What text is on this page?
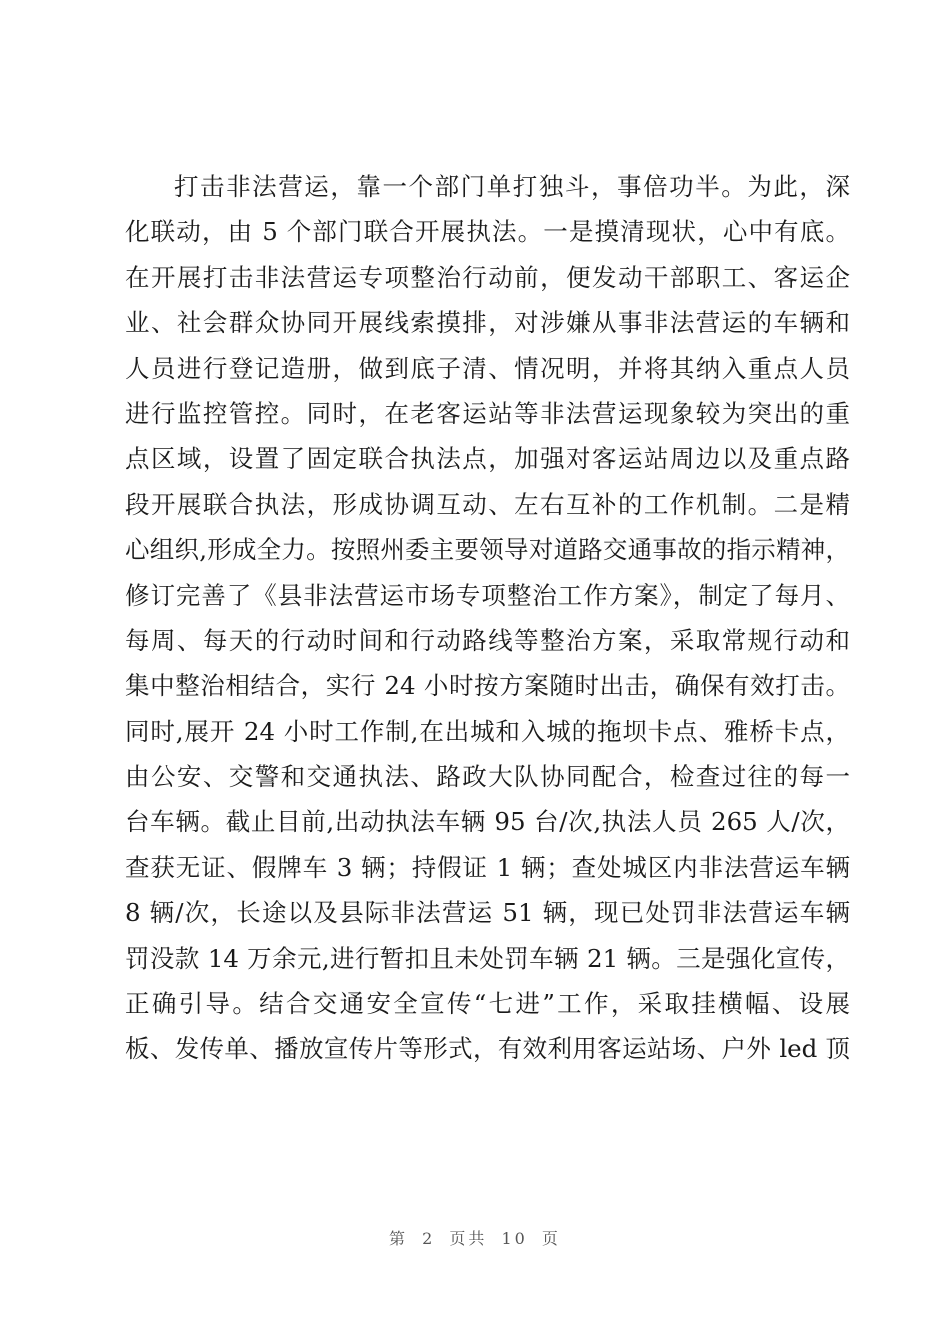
打击非法营运，靠一个部门单打独斗，事倍功半。为此，深
化联动，由 5 个部门联合开展执法。一是摸清现状，心中有底。
在开展打击非法营运专项整治行动前，便发动干部职工、客运企
业、社会群众协同开展线索摸排，对涉嫌从事非法营运的车辆和
人员进行登记造册，做到底子清、情况明，并将其纳入重点人员
进行监控管控。同时，在老客运站等非法营运现象较为突出的重
点区域，设置了固定联合执法点，加强对客运站周边以及重点路
段开展联合执法，形成协调互动、左右互补的工作机制。二是精
心组织,形成全力。按照州委主要领导对道路交通事故的指示精神，
修订完善了《县非法营运市场专项整治工作方案》，制定了每月、
每周、每天的行动时间和行动路线等整治方案，采取常规行动和
集中整治相结合，实行 24 小时按方案随时出击，确保有效打击。
同时,展开 24 小时工作制,在出城和入城的拖坝卡点、雅桥卡点，
由公安、交警和交通执法、路政大队协同配合，检查过往的每一
台车辆。截止目前,出动执法车辆 95 台/次,执法人员 265 人/次，
查获无证、假牌车 3 辆；持假证 1 辆；查处城区内非法营运车辆
8 辆/次，长途以及县际非法营运 51 辆，现已处罚非法营运车辆
罚没款 14 万余元,进行暂扣且未处罚车辆 21 辆。三是强化宣传，
正确引导。结合交通安全宣传“七进”工作，采取挂横幅、设展
板、发传单、播放宣传片等形式，有效利用客运站场、户外 led 顶
第 2 页共 10 页
